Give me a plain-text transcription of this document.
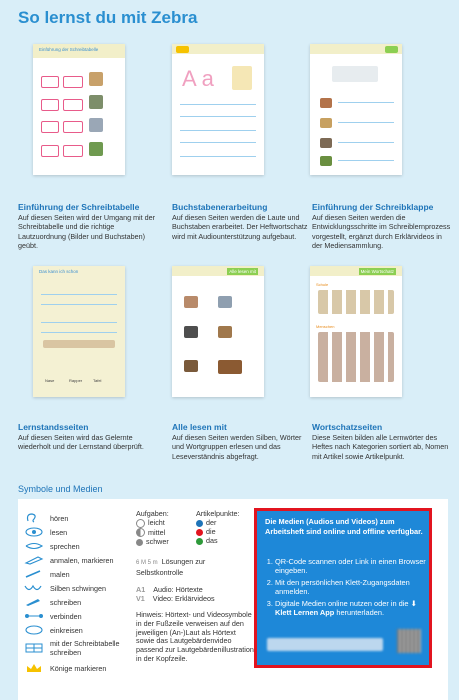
So lernst du mit Zebra
Einführung der Schreibtabelle
A a
Einführung der Schreibtabelle
Auf diesen Seiten wird der Umgang mit der Schreibtabelle und die richtige Lautzuordnung (Bilder und Buchstaben) geübt.
Buchstabenerarbeitung
Auf diesen Seiten werden die Laute und Buchstaben erarbeitet. Der Heftwortschatz wird mit Audiounterstützung aufgebaut.
Einführung der Schreibklappe
Auf diesen Seiten werden die Entwicklungsschritte im Schreiblernprozess vorgestellt, ergänzt durch Erklärvideos in der Mediensammlung.
Das kann ich schon
Nase	Rapper	Tafel
Alle lesen mit	Mein Wortschatz
Schule
Menschen
Lernstandsseiten
Auf diesen Seiten wird das Gelernte wiederholt und der Lernstand überprüft.
Alle lesen mit
Auf diesen Seiten werden Silben, Wörter und Wortgruppen erlesen und das Leseverständnis abgefragt.
Wortschatzseiten
Diese Seiten bilden alle Lernwörter des Heftes nach Kategorien sortiert ab, Nomen mit Artikel sowie Artikelpunkt.
Symbole und Medien
hören
lesen
sprechen
anmalen, markieren
malen
Silben schwingen
schreiben
verbinden
einkreisen
mit der Schreibtabelle schreiben
Könige markieren
Aufgaben:
leicht
mittel
schwer
Artikelpunkte:
der
die
das
6 M 5 m Lösungen zur Selbstkontrolle
A1 Audio: Hörtexte
V1 Video: Erklärvideos
Hinweis: Hörtext- und Videosymbole in der Fußzeile verweisen auf den jeweiligen (An-)Laut als Hörtext sowie das Lautgebärdenvideo passend zur Lautgebärdenillustration in der Kopfzeile.
Die Medien (Audios und Videos) zum Arbeitsheft sind online und offline verfügbar.
1. QR-Code scannen oder Link in einen Browser eingeben.
2. Mit den persönlichen Klett-Zugangsdaten anmelden.
3. Digitale Medien online nutzen oder in die ⬇ Klett Lernen App herunterladen.
